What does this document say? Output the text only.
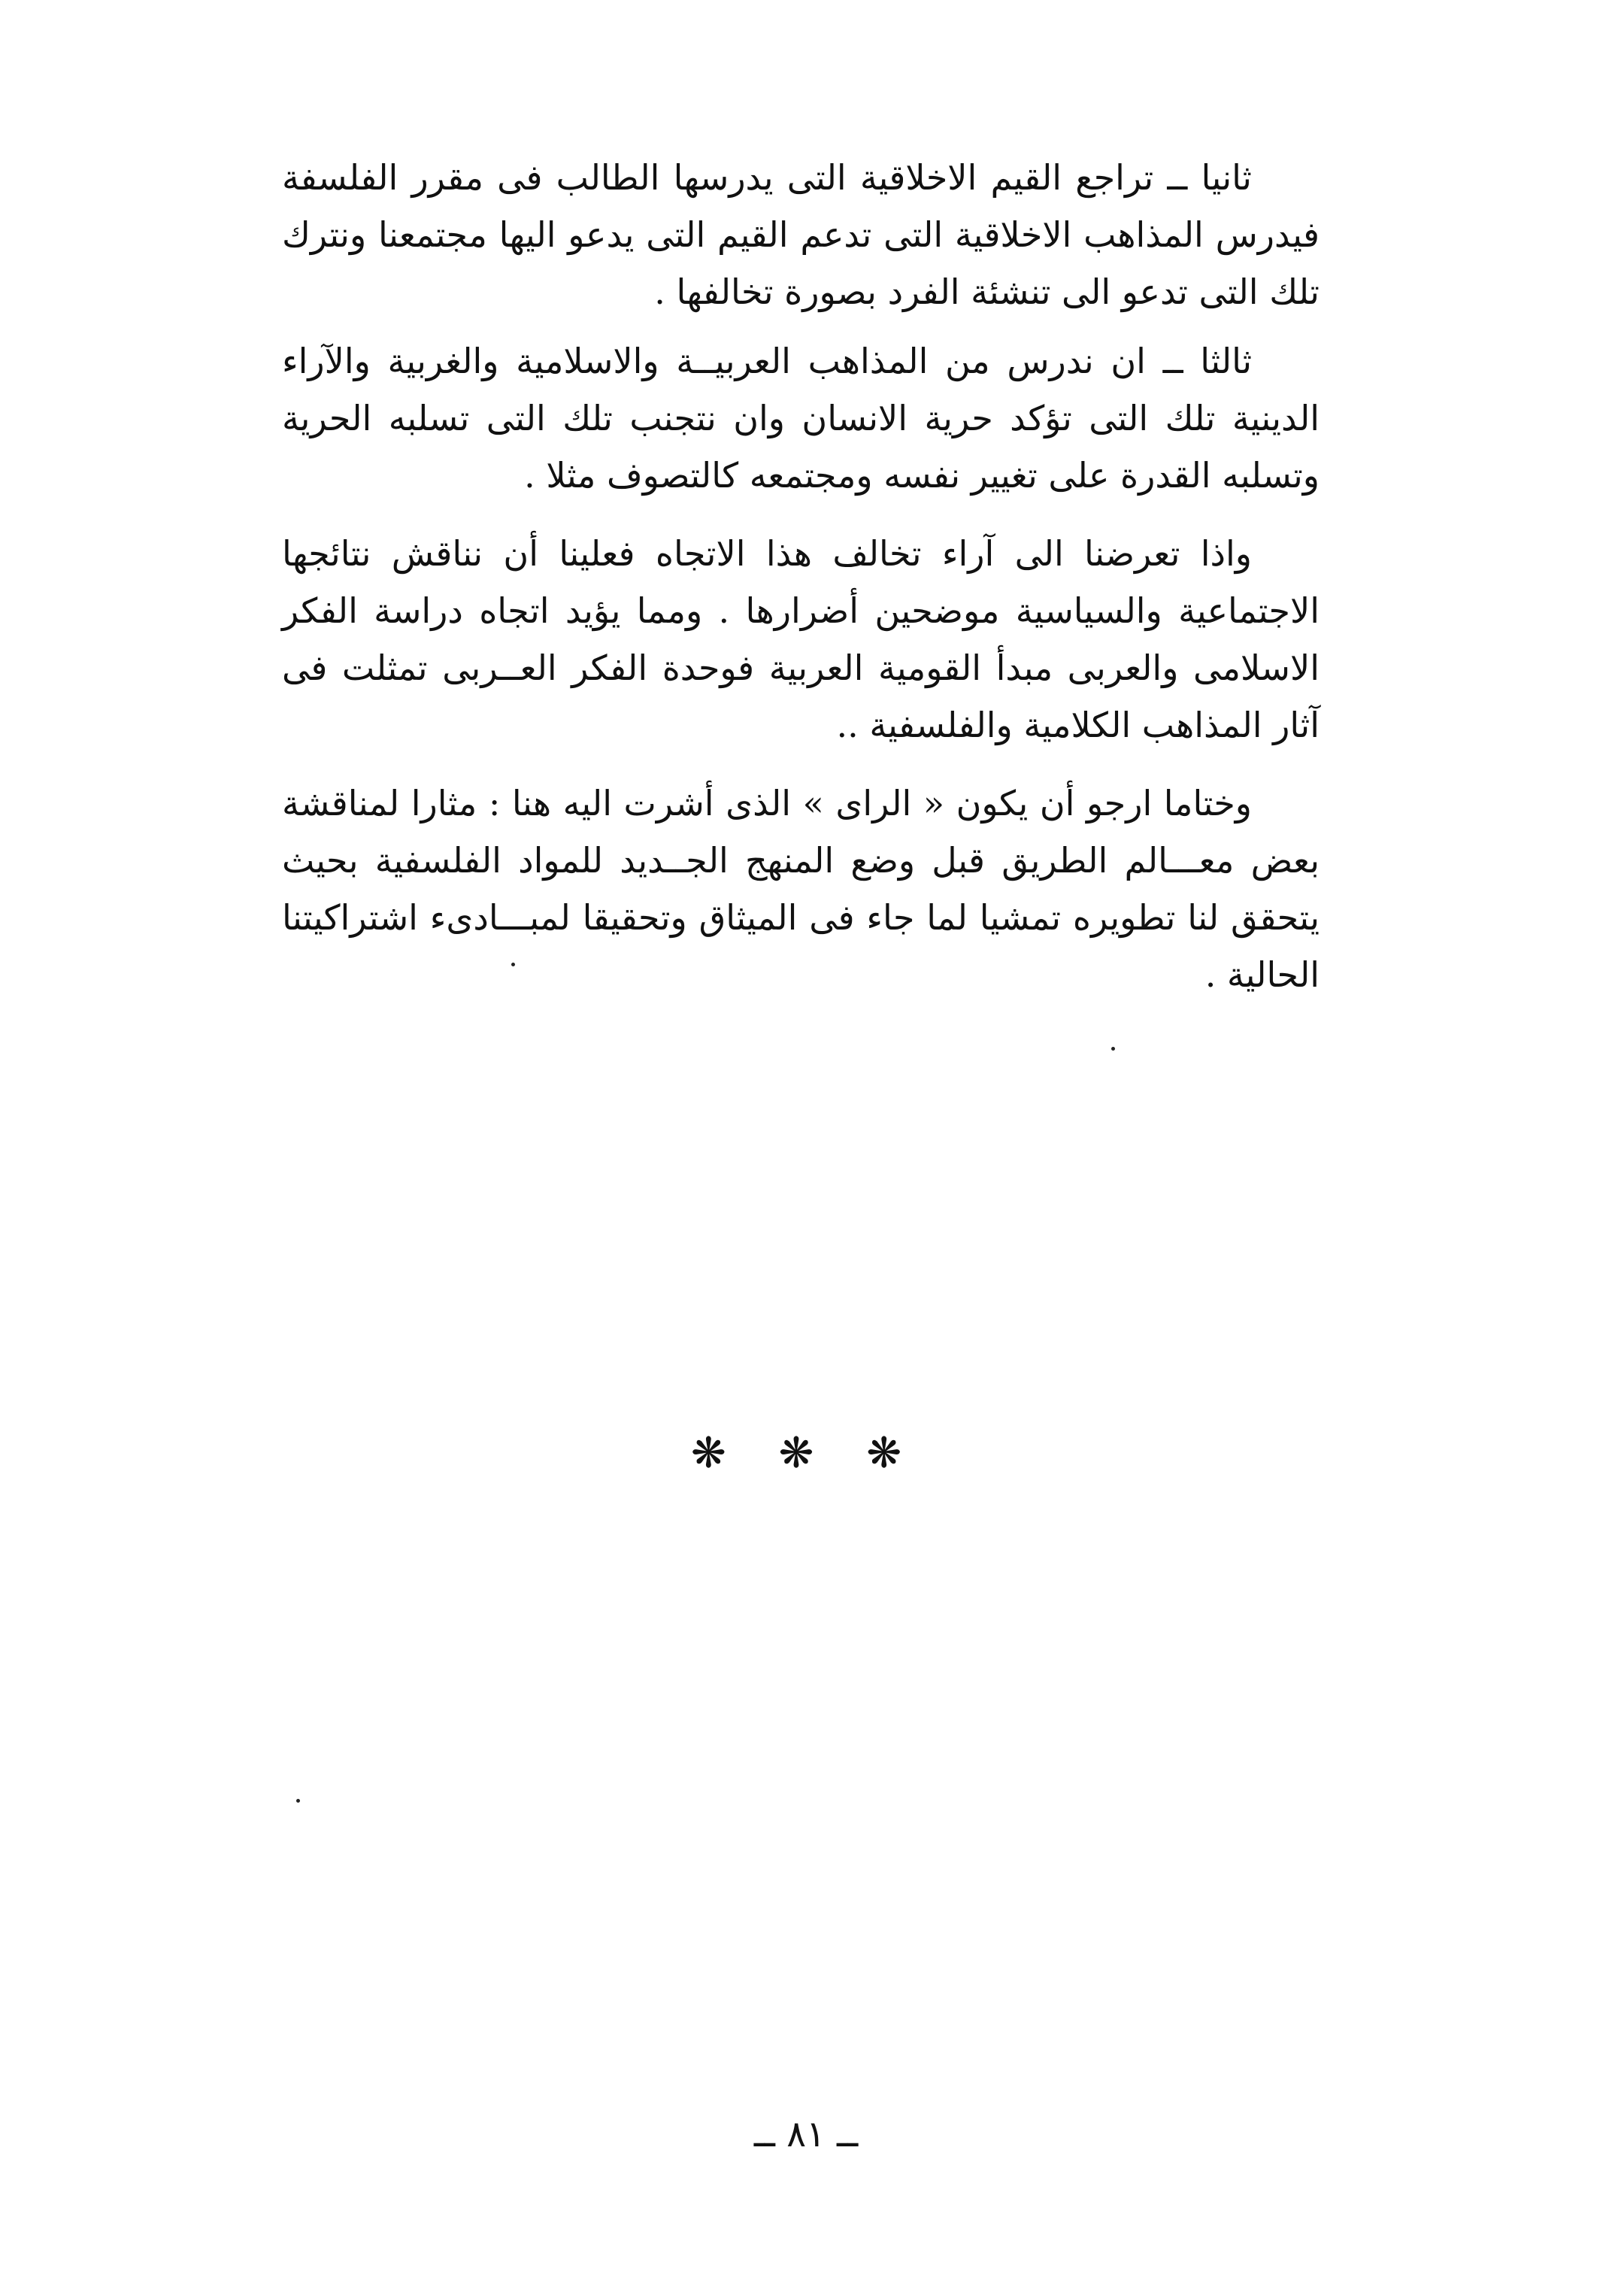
ثانيا ــ تراجع القيم الاخلاقية التى يدرسها الطالب فى مقرر الفلسفة فيدرس المذاهب الاخلاقية التى تدعم القيم التى يدعو اليها مجتمعنا ونترك تلك التى تدعو الى تنشئة الفرد بصورة تخالفها .

ثالثا ــ ان ندرس من المذاهب العربيــة والاسلامية والغربية والآراء الدينية تلك التى تؤكد حرية الانسان وان نتجنب تلك التى تسلبه الحرية وتسلبه القدرة على تغيير نفسه ومجتمعه كالتصوف مثلا .

واذا تعرضنا الى آراء تخالف هذا الاتجاه فعلينا أن نناقش نتائجها الاجتماعية والسياسية موضحين أضرارها . ومما يؤيد اتجاه دراسة الفكر الاسلامى والعربى مبدأ القومية العربية فوحدة الفكر العــربى تمثلت فى آثار المذاهب الكلامية والفلسفية ..

وختاما ارجو أن يكون « الراى » الذى أشرت اليه هنا : مثارا لمناقشة بعض معـــالم الطريق قبل وضع المنهج الجــديد للمواد الفلسفية بحيث يتحقق لنا تطويره تمشيا لما جاء فى الميثاق وتحقيقا لمبـــادىء اشتراكيتنا الحالية .

❋ ❋ ❋
ــ ٨١ ــ
